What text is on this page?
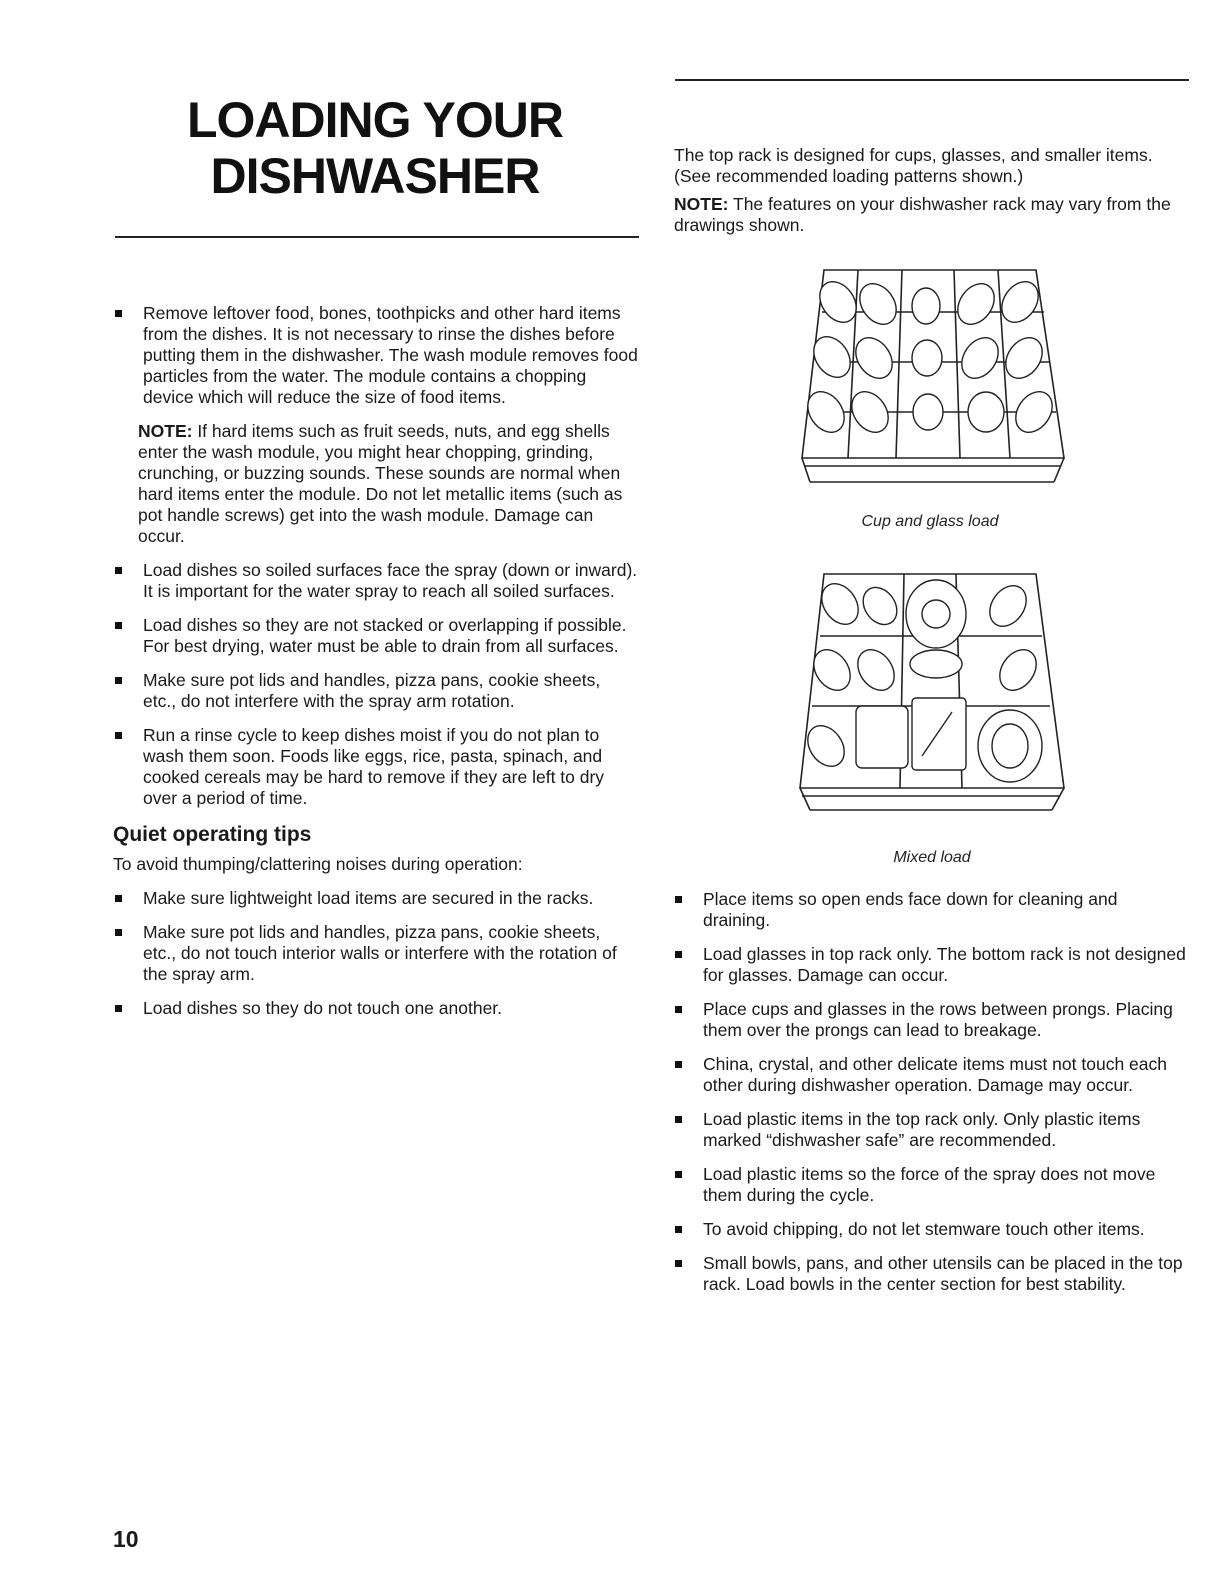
LOADING YOUR
DISHWASHER
Remove leftover food, bones, toothpicks and other hard items from the dishes. It is not necessary to rinse the dishes before putting them in the dishwasher. The wash module removes food particles from the water. The module contains a chopping device which will reduce the size of food items.

NOTE: If hard items such as fruit seeds, nuts, and egg shells enter the wash module, you might hear chopping, grinding, crunching, or buzzing sounds. These sounds are normal when hard items enter the module. Do not let metallic items (such as pot handle screws) get into the wash module. Damage can occur.

Load dishes so soiled surfaces face the spray (down or inward). It is important for the water spray to reach all soiled surfaces.
Load dishes so they are not stacked or overlapping if possible. For best drying, water must be able to drain from all surfaces.
Make sure pot lids and handles, pizza pans, cookie sheets, etc., do not interfere with the spray arm rotation.
Run a rinse cycle to keep dishes moist if you do not plan to wash them soon. Foods like eggs, rice, pasta, spinach, and cooked cereals may be hard to remove if they are left to dry over a period of time.
Quiet operating tips

To avoid thumping/clattering noises during operation:

Make sure lightweight load items are secured in the racks.
Make sure pot lids and handles, pizza pans, cookie sheets, etc., do not touch interior walls or interfere with the rotation of the spray arm.
Load dishes so they do not touch one another.

The top rack is designed for cups, glasses, and smaller items. (See recommended loading patterns shown.)

NOTE: The features on your dishwasher rack may vary from the drawings shown.

Cup and glass load
Mixed load
Place items so open ends face down for cleaning and draining.
Load glasses in top rack only. The bottom rack is not designed for glasses. Damage can occur.
Place cups and glasses in the rows between prongs. Placing them over the prongs can lead to breakage.
China, crystal, and other delicate items must not touch each other during dishwasher operation. Damage may occur.
Load plastic items in the top rack only. Only plastic items marked “dishwasher safe” are recommended.
Load plastic items so the force of the spray does not move them during the cycle.
To avoid chipping, do not let stemware touch other items.
Small bowls, pans, and other utensils can be placed in the top rack. Load bowls in the center section for best stability.
10
